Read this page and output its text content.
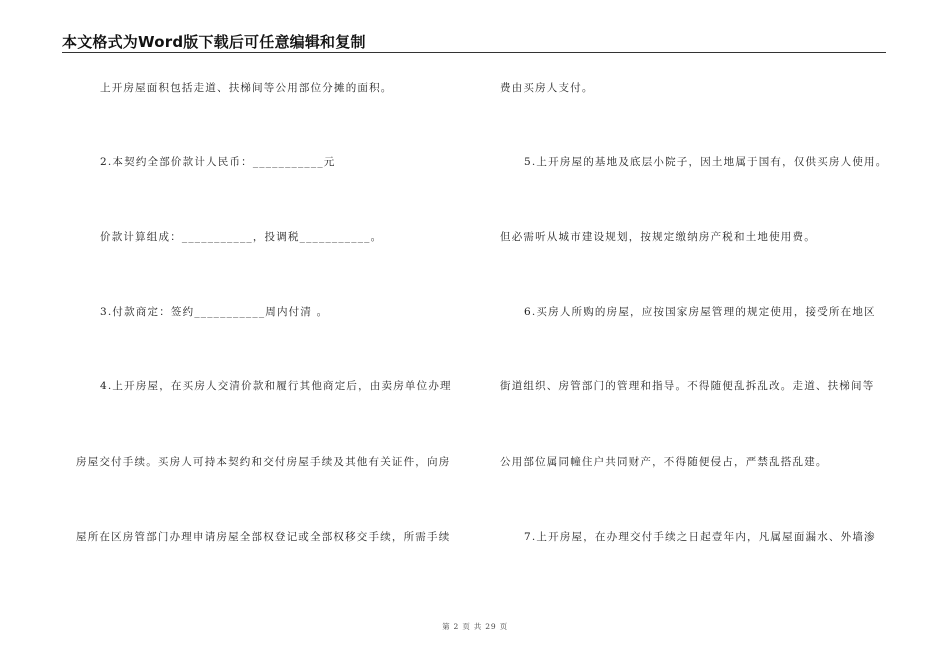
本文格式为Word版下载后可任意编辑和复制
上开房屋面积包括走道、扶梯间等公用部位分摊的面积。
2.本契约全部价款计人民币：___________元
价款计算组成：___________，投调税___________。
3.付款商定：签约___________周内付清 。
4.上开房屋，在买房人交清价款和履行其他商定后，由卖房单位办理
房屋交付手续。买房人可持本契约和交付房屋手续及其他有关证件，向房
屋所在区房管部门办理申请房屋全部权登记或全部权移交手续，所需手续
费由买房人支付。
5.上开房屋的基地及底层小院子，因土地属于国有，仅供买房人使用。
但必需听从城市建设规划，按规定缴纳房产税和土地使用费。
6.买房人所购的房屋，应按国家房屋管理的规定使用，接受所在地区
街道组织、房管部门的管理和指导。不得随便乱拆乱改。走道、扶梯间等
公用部位属同幢住户共同财产，不得随便侵占，严禁乱搭乱建。
7.上开房屋，在办理交付手续之日起壹年内，凡属屋面漏水、外墙渗
第 2 页 共 29 页
